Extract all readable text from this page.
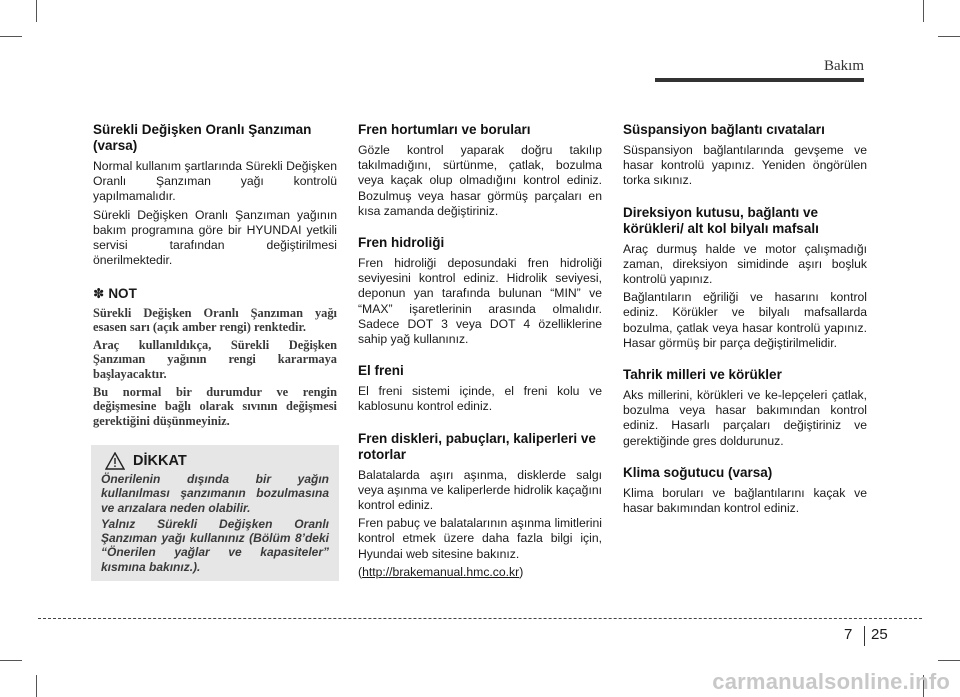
Bakım
Sürekli Değişken Oranlı Şanzıman (varsa)

Normal kullanım şartlarında Sürekli Değişken Oranlı Şanzıman yağı kontrolü yapılmamalıdır.

Sürekli Değişken Oranlı Şanzıman yağının bakım programına göre bir HYUNDAI yetkili servisi tarafından değiştirilmesi önerilmektedir.

✽ NOT

Sürekli Değişken Oranlı Şanzıman yağı esasen sarı (açık amber rengi) renktedir.

Araç kullanıldıkça, Sürekli Değişken Şanzıman yağının rengi kararmaya başlayacaktır.

Bu normal bir durumdur ve rengin değişmesine bağlı olarak sıvının değişmesi gerektiğini düşünmeyiniz.

DİKKAT

Önerilenin dışında bir yağın kullanılması şanzımanın bozulmasına ve arızalara neden olabilir.

Yalnız Sürekli Değişken Oranlı Şanzıman yağı kullanınız (Bölüm 8’deki “Önerilen yağlar ve kapasiteler” kısmına bakınız.).

Fren hortumları ve boruları

Gözle kontrol yaparak doğru takılıp takılmadığını, sürtünme, çatlak, bozulma veya kaçak olup olmadığını kontrol ediniz. Bozulmuş veya hasar görmüş parçaları en kısa zamanda değiştiriniz.

Fren hidroliği

Fren hidroliği deposundaki fren hidroliği seviyesini kontrol ediniz. Hidrolik seviyesi, deponun yan tarafında bulunan “MIN” ve “MAX” işaretlerinin arasında olmalıdır. Sadece DOT 3 veya DOT 4 özelliklerine sahip yağ kullanınız.

El freni

El freni sistemi içinde, el freni kolu ve kablosunu kontrol ediniz.

Fren diskleri, pabuçları, kaliperleri ve rotorlar

Balatalarda aşırı aşınma, disklerde salgı veya aşınma ve kaliperlerde hidrolik kaçağını kontrol ediniz.

Fren pabuç ve balatalarının aşınma limitlerini kontrol etmek üzere daha fazla bilgi için, Hyundai web sitesine bakınız.

(http://brakemanual.hmc.co.kr)

Süspansiyon bağlantı cıvataları

Süspansiyon bağlantılarında gevşeme ve hasar kontrolü yapınız. Yeniden öngörülen torka sıkınız.

Direksiyon kutusu, bağlantı ve körükleri/ alt kol bilyalı mafsalı

Araç durmuş halde ve motor çalışmadığı zaman, direksiyon simidinde aşırı boşluk kontrolü yapınız.

Bağlantıların eğriliği ve hasarını kontrol ediniz. Körükler ve bilyalı mafsallarda bozulma, çatlak veya hasar kontrolü yapınız. Hasar görmüş bir parça değiştirilmelidir.

Tahrik milleri ve körükler

Aks millerini, körükleri ve ke-lepçeleri çatlak, bozulma veya hasar bakımından kontrol ediniz. Hasarlı parçaları değiştiriniz ve gerektiğinde gres doldurunuz.

Klima soğutucu (varsa)

Klima boruları ve bağlantılarını kaçak ve hasar bakımından kontrol ediniz.

7 25
carmanualsonline.info
